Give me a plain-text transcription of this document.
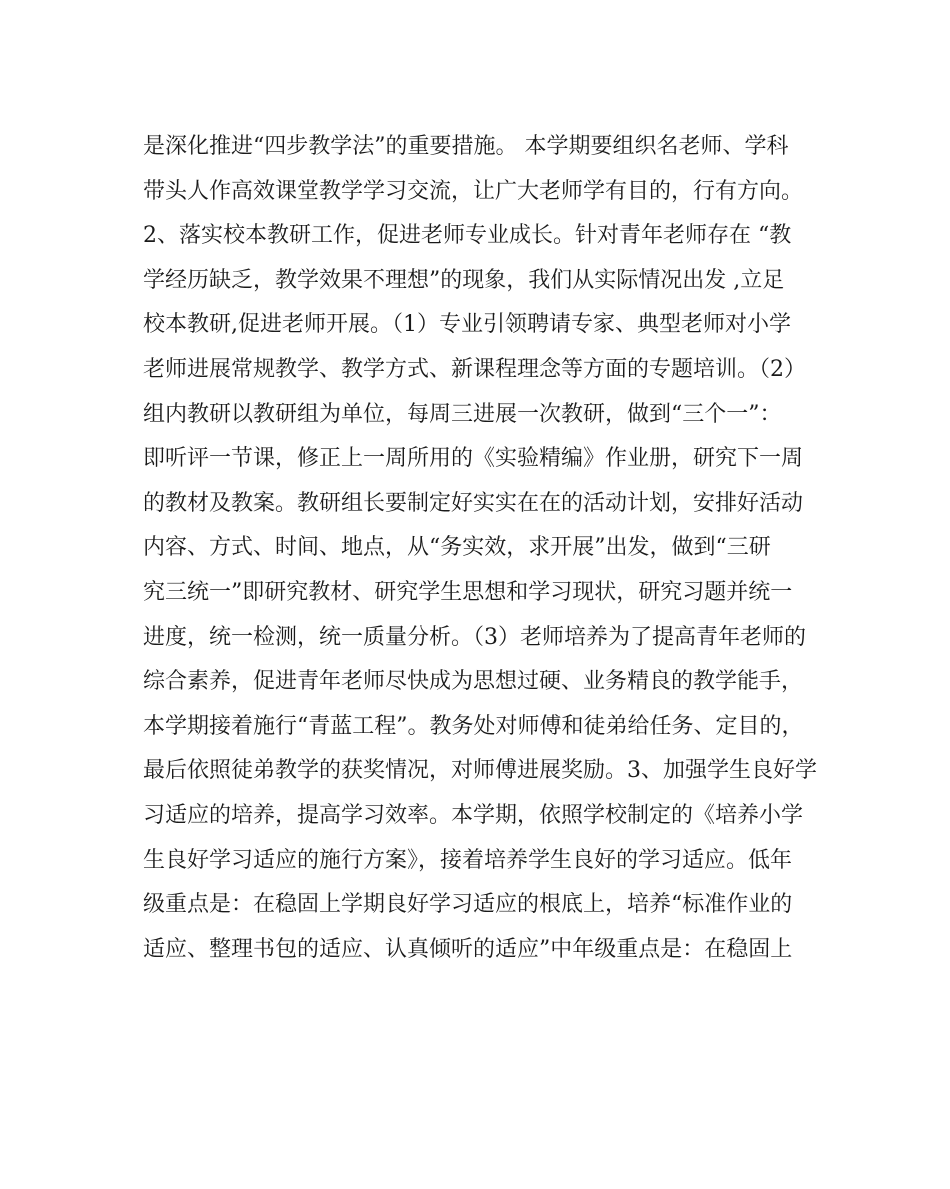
是深化推进“四步教学法”的重要措施。 本学期要组织名老师、学科
带头人作高效课堂教学学习交流，让广大老师学有目的，行有方向。
2、落实校本教研工作，促进老师专业成长。针对青年老师存在 “教
学经历缺乏，教学效果不理想”的现象，我们从实际情况出发 ,立足
校本教研,促进老师开展。（1）专业引领聘请专家、典型老师对小学
老师进展常规教学、教学方式、新课程理念等方面的专题培训。（2）
组内教研以教研组为单位，每周三进展一次教研，做到“三个一”：
即听评一节课，修正上一周所用的《实验精编》作业册，研究下一周
的教材及教案。教研组长要制定好实实在在的活动计划，安排好活动
内容、方式、时间、地点，从“务实效，求开展”出发，做到“三研
究三统一”即研究教材、研究学生思想和学习现状，研究习题并统一
进度，统一检测，统一质量分析。（3）老师培养为了提高青年老师的
综合素养，促进青年老师尽快成为思想过硬、业务精良的教学能手，
本学期接着施行“青蓝工程”。教务处对师傅和徒弟给任务、定目的，
最后依照徒弟教学的获奖情况，对师傅进展奖励。3、加强学生良好学
习适应的培养，提高学习效率。本学期，依照学校制定的《培养小学
生良好学习适应的施行方案》，接着培养学生良好的学习适应。低年
级重点是：在稳固上学期良好学习适应的根底上，培养“标准作业的
适应、整理书包的适应、认真倾听的适应”中年级重点是：在稳固上
